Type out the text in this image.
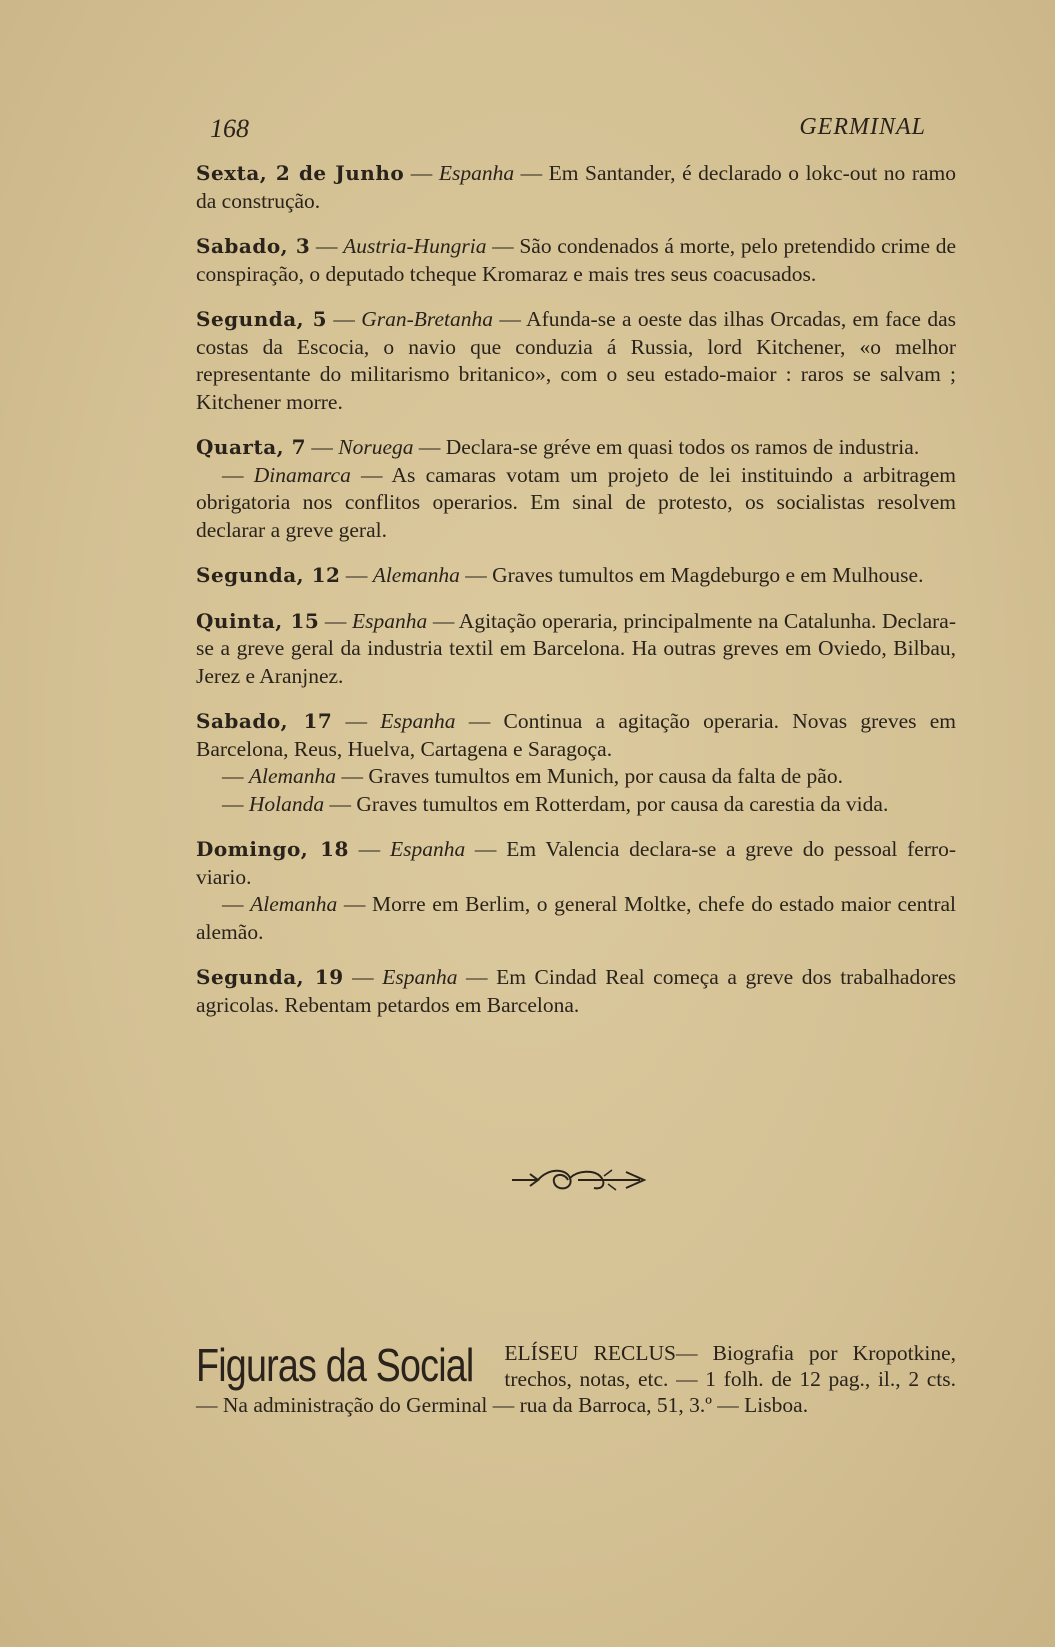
168	GERMINAL

Sexta, 2 de Junho — Espanha — Em Santander, é declarado o lokc-out no ramo da construção.

Sabado, 3 — Austria-Hungria — São condenados á morte, pelo pretendido crime de conspiração, o deputado tcheque Kromaraz e mais tres seus coacusados.

Segunda, 5 — Gran-Bretanha — Afunda-se a oeste das ilhas Orcadas, em face das costas da Escocia, o navio que conduzia á Russia, lord Kitchener, «o melhor representante do militarismo britanico», com o seu estado-maior : raros se salvam ; Kitchener morre.

Quarta, 7 — Noruega — Declara-se gréve em quasi todos os ramos de industria.

— Dinamarca — As camaras votam um projeto de lei instituindo a arbitragem obrigatoria nos conflitos operarios. Em sinal de protesto, os socialistas resolvem declarar a greve geral.

Segunda, 12 — Alemanha — Graves tumultos em Magdeburgo e em Mulhouse.

Quinta, 15 — Espanha — Agitação operaria, principalmente na Catalunha. Declara-se a greve geral da industria textil em Barcelona. Ha outras greves em Oviedo, Bilbau, Jerez e Aranjnez.

Sabado, 17 — Espanha — Continua a agitação operaria. Novas greves em Barcelona, Reus, Huelva, Cartagena e Saragoça.

— Alemanha — Graves tumultos em Munich, por causa da falta de pão.

— Holanda — Graves tumultos em Rotterdam, por causa da carestia da vida.

Domingo, 18 — Espanha — Em Valencia declara-se a greve do pessoal ferro-viario.

— Alemanha — Morre em Berlim, o general Moltke, chefe do estado maior central alemão.

Segunda, 19 — Espanha — Em Cindad Real começa a greve dos trabalhadores agricolas. Rebentam petardos em Barcelona.

Figuras da Social	ELÍSEU RECLUS— Biografia por Kropotkine, trechos, notas, etc. — 1 folh. de 12 pag., il., 2 cts. — Na administração do Germinal — rua da Barroca, 51, 3.º — Lisboa.
